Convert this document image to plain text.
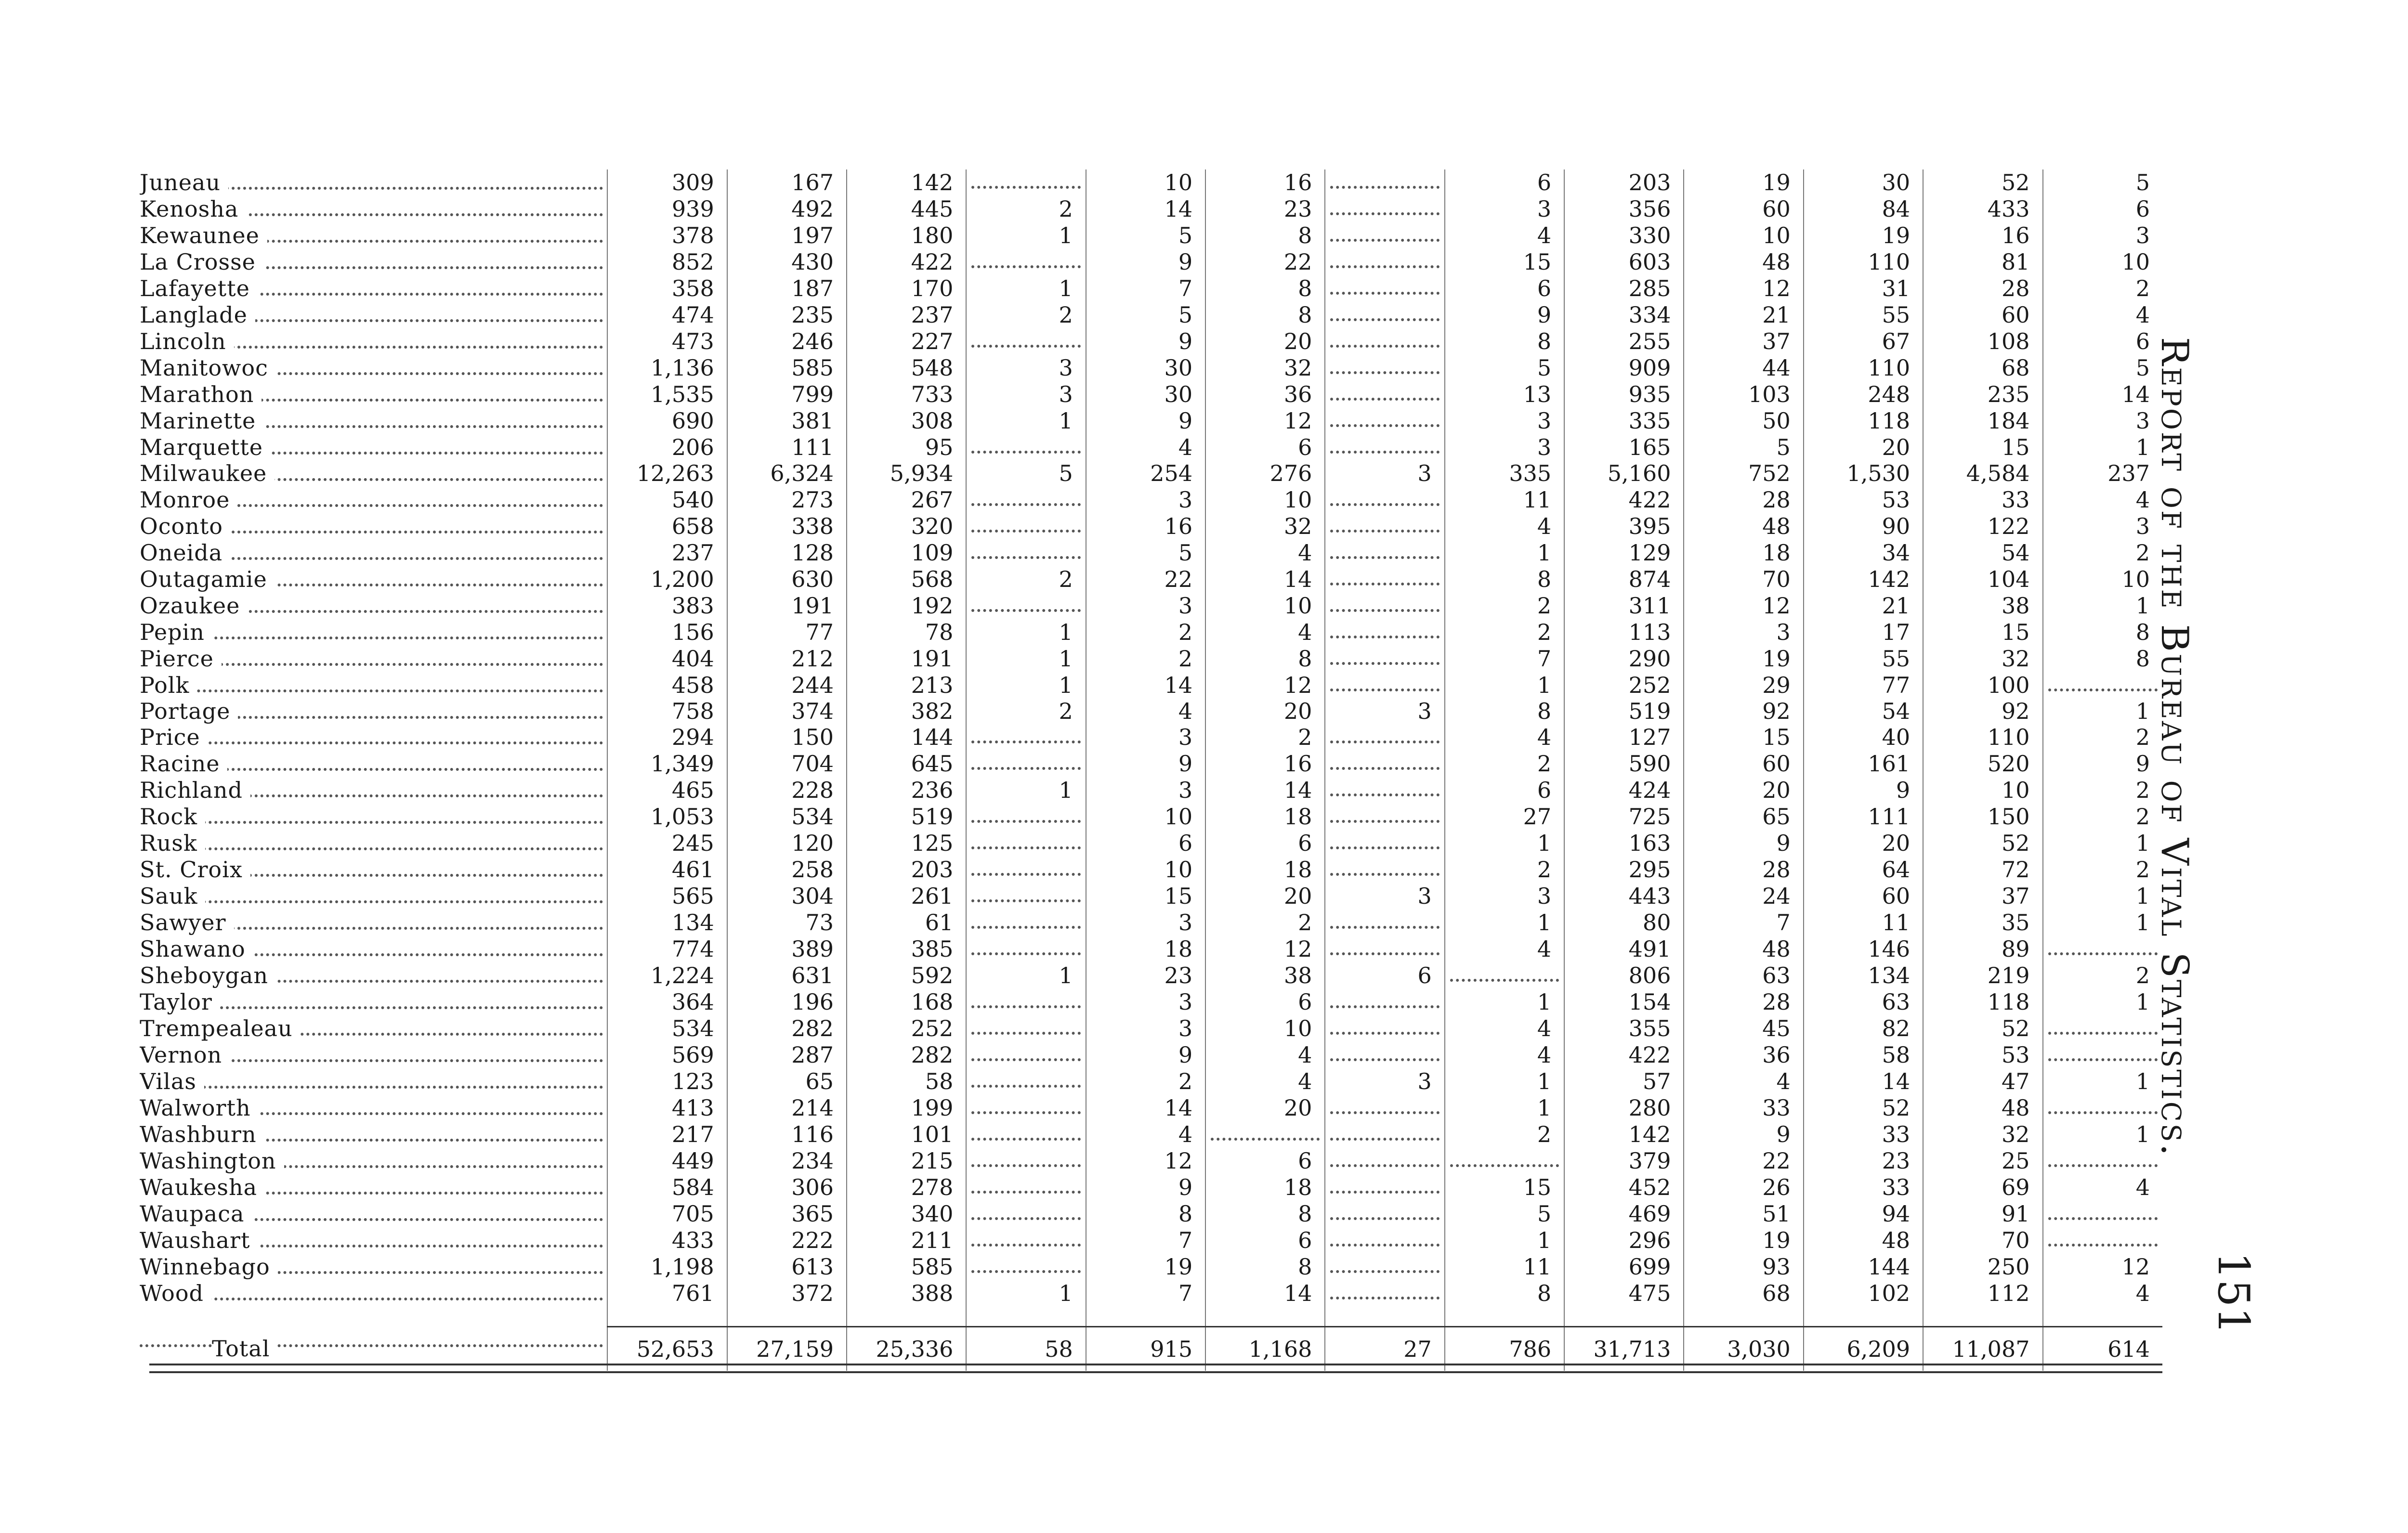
Juneau	309	167	142		10	16		6	203	19	30	52	5

Kenosha	939	492	445	2	14	23		3	356	60	84	433	6

Kewaunee	378	197	180	1	5	8		4	330	10	19	16	3

La Crosse	852	430	422		9	22		15	603	48	110	81	10

Lafayette	358	187	170	1	7	8		6	285	12	31	28	2

Langlade	474	235	237	2	5	8		9	334	21	55	60	4

Lincoln	473	246	227		9	20		8	255	37	67	108	6

Manitowoc	1,136	585	548	3	30	32		5	909	44	110	68	5

Marathon	1,535	799	733	3	30	36		13	935	103	248	235	14

Marinette	690	381	308	1	9	12		3	335	50	118	184	3

Marquette	206	111	95		4	6		3	165	5	20	15	1

Milwaukee	12,263	6,324	5,934	5	254	276	3	335	5,160	752	1,530	4,584	237

Monroe	540	273	267		3	10		11	422	28	53	33	4

Oconto	658	338	320		16	32		4	395	48	90	122	3

Oneida	237	128	109		5	4		1	129	18	34	54	2

Outagamie	1,200	630	568	2	22	14		8	874	70	142	104	10

Ozaukee	383	191	192		3	10		2	311	12	21	38	1

Pepin	156	77	78	1	2	4		2	113	3	17	15	8

Pierce	404	212	191	1	2	8		7	290	19	55	32	8

Polk	458	244	213	1	14	12		1	252	29	77	100	

Portage	758	374	382	2	4	20	3	8	519	92	54	92	1

Price	294	150	144		3	2		4	127	15	40	110	2

Racine	1,349	704	645		9	16		2	590	60	161	520	9

Richland	465	228	236	1	3	14		6	424	20	9	10	2

Rock	1,053	534	519		10	18		27	725	65	111	150	2

Rusk	245	120	125		6	6		1	163	9	20	52	1

St. Croix	461	258	203		10	18		2	295	28	64	72	2

Sauk	565	304	261		15	20	3	3	443	24	60	37	1

Sawyer	134	73	61		3	2		1	80	7	11	35	1

Shawano	774	389	385		18	12		4	491	48	146	89	

Sheboygan	1,224	631	592	1	23	38	6		806	63	134	219	2

Taylor	364	196	168		3	6		1	154	28	63	118	1

Trempealeau	534	282	252		3	10		4	355	45	82	52	

Vernon	569	287	282		9	4		4	422	36	58	53	

Vilas	123	65	58		2	4	3	1	57	4	14	47	1

Walworth	413	214	199		14	20		1	280	33	52	48	

Washburn	217	116	101		4			2	142	9	33	32	1

Washington	449	234	215		12	6			379	22	23	25	

Waukesha	584	306	278		9	18		15	452	26	33	69	4

Waupaca	705	365	340		8	8		5	469	51	94	91	

Waushart	433	222	211		7	6		1	296	19	48	70	

Winnebago	1,198	613	585		19	8		11	699	93	144	250	12

Wood	761	372	388	1	7	14		8	475	68	102	112	4

Total	52,653	27,159	25,336	58	915	1,168	27	786	31,713	3,030	6,209	11,087	614
Report of the Bureau of Vital Statistics.
151
